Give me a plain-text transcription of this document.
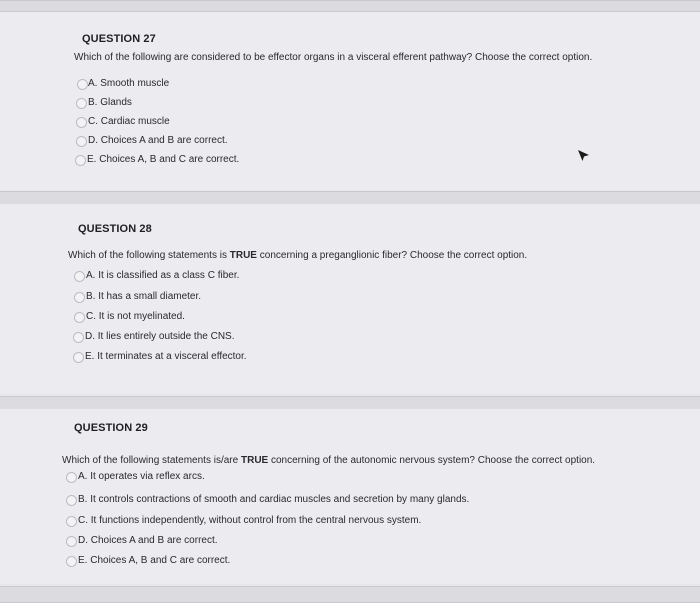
QUESTION 27
Which of the following are considered to be effector organs in a visceral efferent pathway? Choose the correct option.
A. Smooth muscle
B. Glands
C. Cardiac muscle
D. Choices A and B are correct.
E. Choices A, B and C are correct.
QUESTION 28
Which of the following statements is TRUE concerning a preganglionic fiber? Choose the correct option.
A. It is classified as a class C fiber.
B. It has a small diameter.
C. It is not myelinated.
D. It lies entirely outside the CNS.
E. It terminates at a visceral effector.
QUESTION 29
Which of the following statements is/are TRUE concerning of the autonomic nervous system? Choose the correct option.
A. It operates via reflex arcs.
B. It controls contractions of smooth and cardiac muscles and secretion by many glands.
C. It functions independently, without control from the central nervous system.
D. Choices A and B are correct.
E. Choices A, B and C are correct.
